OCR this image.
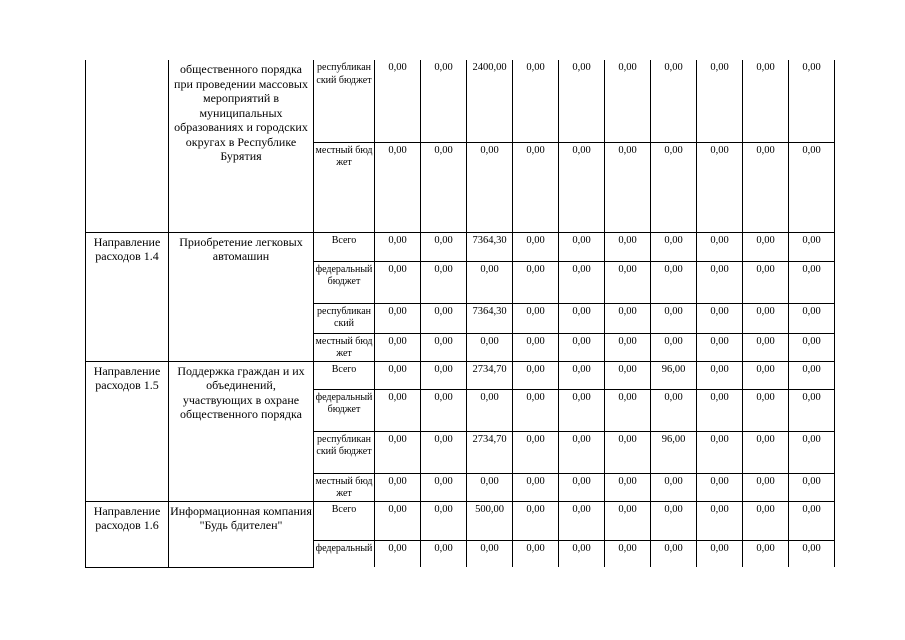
	общественного порядка при проведении массовых мероприятий в муниципальных образованиях и городских округах в Республике Бурятия	республиканский бюджет	0,00	0,00	2400,00	0,00	0,00	0,00	0,00	0,00	0,00	0,00
		местный бюджет	0,00	0,00	0,00	0,00	0,00	0,00	0,00	0,00	0,00	0,00
Направление расходов 1.4	Приобретение легковых автомашин	Всего	0,00	0,00	7364,30	0,00	0,00	0,00	0,00	0,00	0,00	0,00
		федеральный бюджет	0,00	0,00	0,00	0,00	0,00	0,00	0,00	0,00	0,00	0,00
		республиканский	0,00	0,00	7364,30	0,00	0,00	0,00	0,00	0,00	0,00	0,00
		местный бюджет	0,00	0,00	0,00	0,00	0,00	0,00	0,00	0,00	0,00	0,00
Направление расходов 1.5	Поддержка граждан и их объединений, участвующих в охране общественного порядка	Всего	0,00	0,00	2734,70	0,00	0,00	0,00	96,00	0,00	0,00	0,00
		федеральный бюджет	0,00	0,00	0,00	0,00	0,00	0,00	0,00	0,00	0,00	0,00
		республиканский бюджет	0,00	0,00	2734,70	0,00	0,00	0,00	96,00	0,00	0,00	0,00
		местный бюджет	0,00	0,00	0,00	0,00	0,00	0,00	0,00	0,00	0,00	0,00
Направление расходов 1.6	Информационная компания "Будь бдителен"	Всего	0,00	0,00	500,00	0,00	0,00	0,00	0,00	0,00	0,00	0,00
		федеральный	0,00	0,00	0,00	0,00	0,00	0,00	0,00	0,00	0,00	0,00
